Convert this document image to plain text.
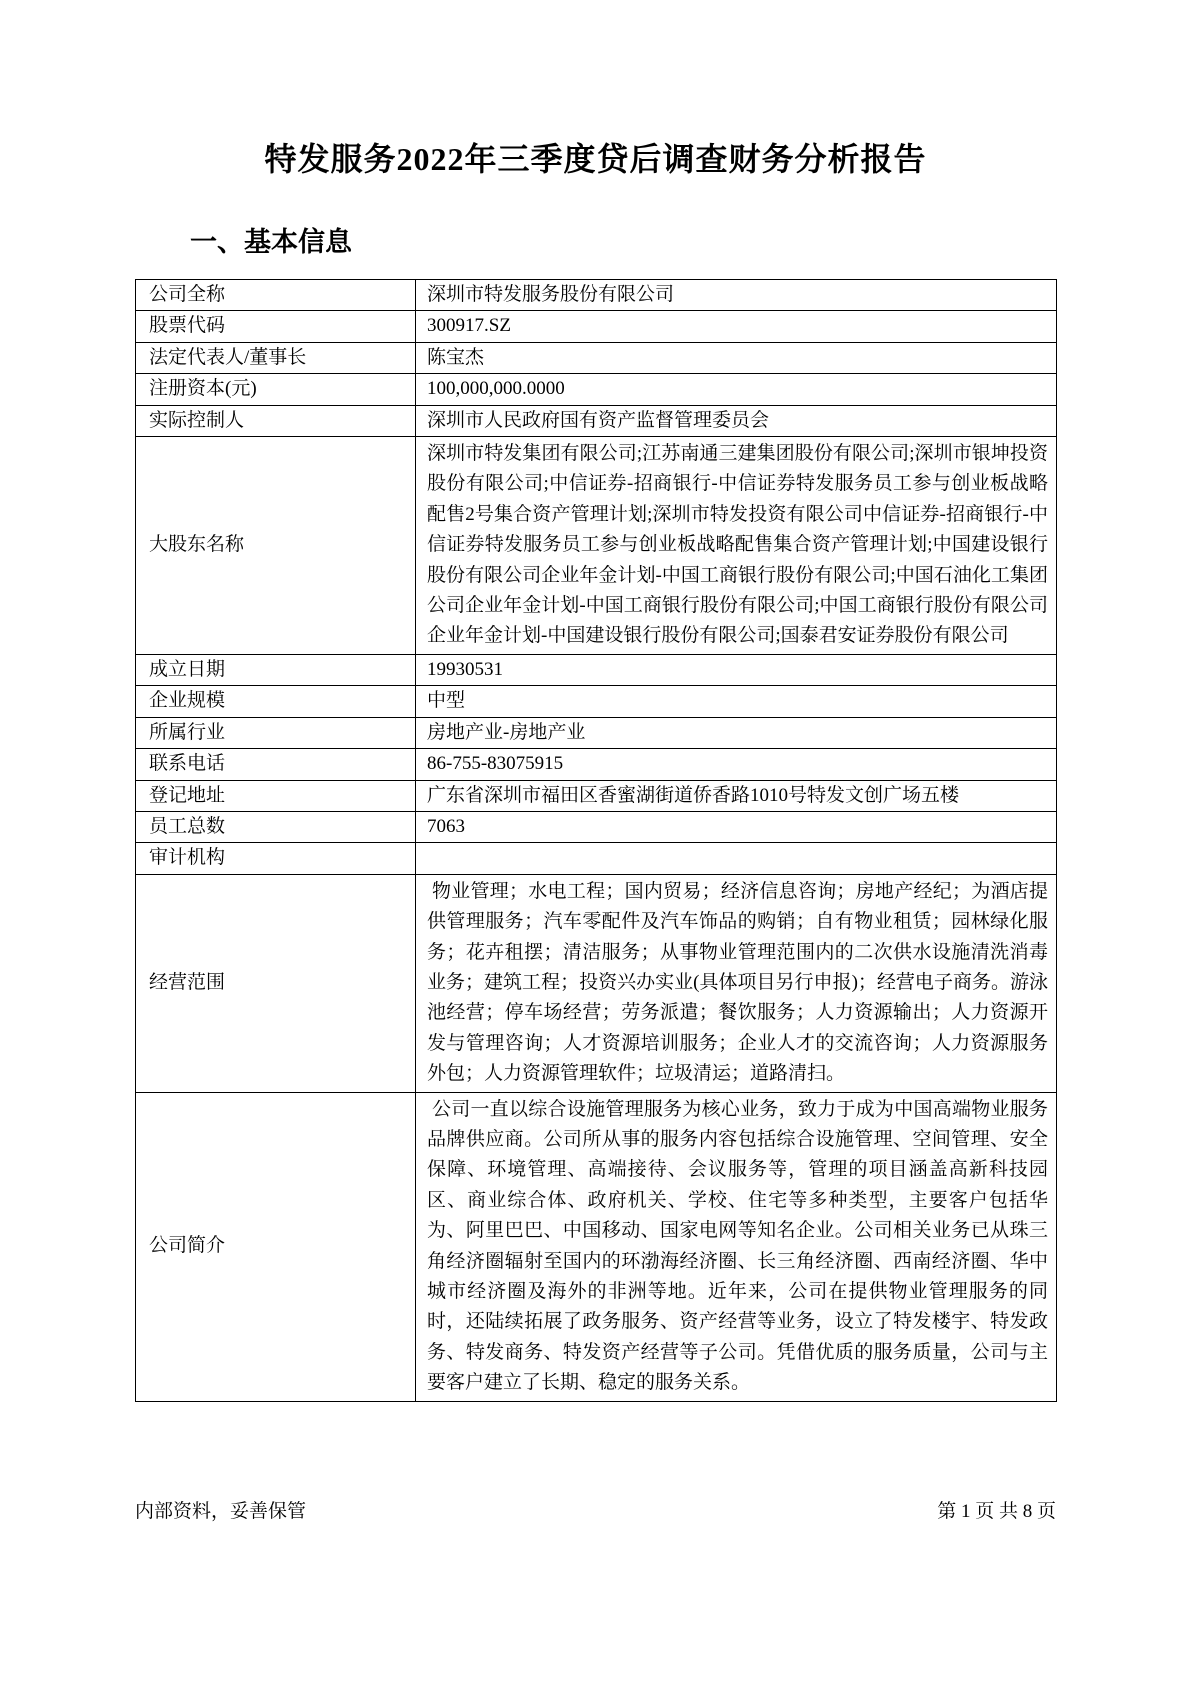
特发服务2022年三季度贷后调查财务分析报告
一、基本信息
公司全称	深圳市特发服务股份有限公司
股票代码	300917.SZ
法定代表人/董事长	陈宝杰
注册资本(元)	100,000,000.0000
实际控制人	深圳市人民政府国有资产监督管理委员会
大股东名称	深圳市特发集团有限公司;江苏南通三建集团股份有限公司;深圳市银坤投资股份有限公司;中信证券-招商银行-中信证券特发服务员工参与创业板战略配售2号集合资产管理计划;深圳市特发投资有限公司中信证券-招商银行-中信证券特发服务员工参与创业板战略配售集合资产管理计划;中国建设银行股份有限公司企业年金计划-中国工商银行股份有限公司;中国石油化工集团公司企业年金计划-中国工商银行股份有限公司;中国工商银行股份有限公司企业年金计划-中国建设银行股份有限公司;国泰君安证券股份有限公司
成立日期	19930531
企业规模	中型
所属行业	房地产业-房地产业
联系电话	86-755-83075915
登记地址	广东省深圳市福田区香蜜湖街道侨香路1010号特发文创广场五楼
员工总数	7063
审计机构	
经营范围	物业管理；水电工程；国内贸易；经济信息咨询；房地产经纪；为酒店提供管理服务；汽车零配件及汽车饰品的购销；自有物业租赁；园林绿化服务；花卉租摆；清洁服务；从事物业管理范围内的二次供水设施清洗消毒业务；建筑工程；投资兴办实业(具体项目另行申报)；经营电子商务。游泳池经营；停车场经营；劳务派遣；餐饮服务；人力资源输出；人力资源开发与管理咨询；人才资源培训服务；企业人才的交流咨询；人力资源服务外包；人力资源管理软件；垃圾清运；道路清扫。
公司简介	公司一直以综合设施管理服务为核心业务，致力于成为中国高端物业服务品牌供应商。公司所从事的服务内容包括综合设施管理、空间管理、安全保障、环境管理、高端接待、会议服务等，管理的项目涵盖高新科技园区、商业综合体、政府机关、学校、住宅等多种类型，主要客户包括华为、阿里巴巴、中国移动、国家电网等知名企业。公司相关业务已从珠三角经济圈辐射至国内的环渤海经济圈、长三角经济圈、西南经济圈、华中城市经济圈及海外的非洲等地。近年来，公司在提供物业管理服务的同时，还陆续拓展了政务服务、资产经营等业务，设立了特发楼宇、特发政务、特发商务、特发资产经营等子公司。凭借优质的服务质量，公司与主要客户建立了长期、稳定的服务关系。
内部资料，妥善保管	第 1 页 共 8 页
